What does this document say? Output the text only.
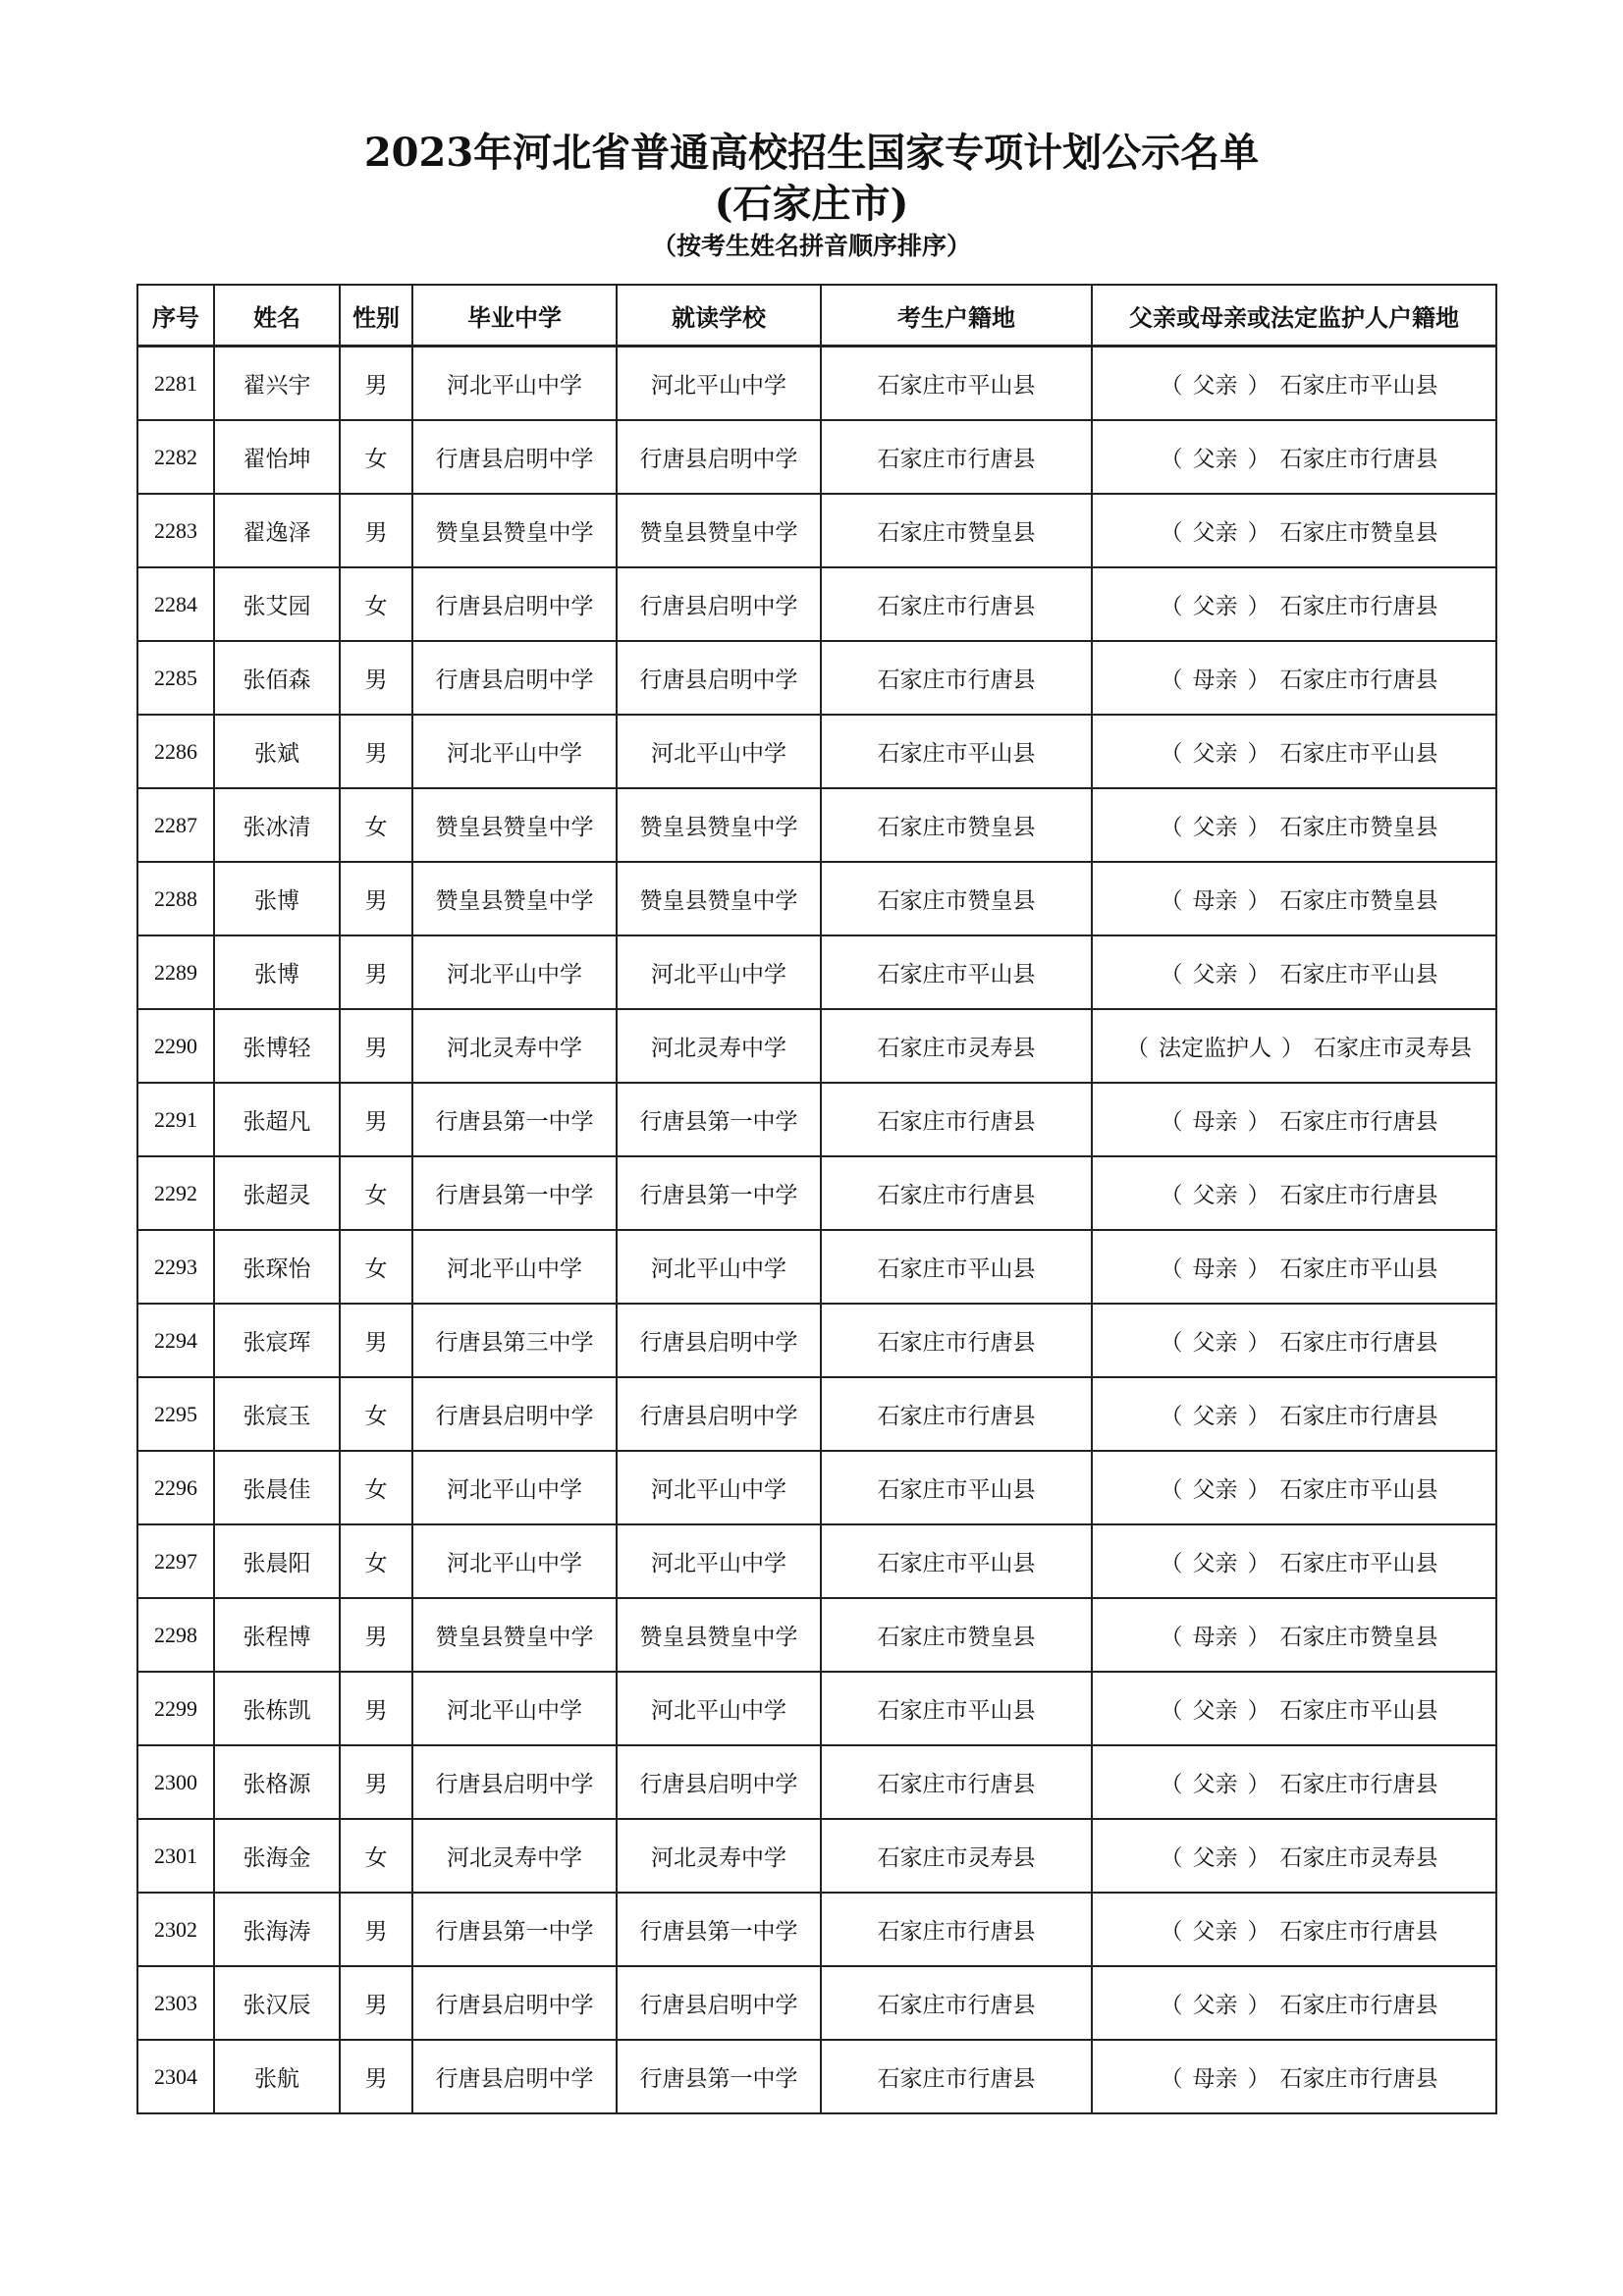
2023年河北省普通高校招生国家专项计划公示名单
(石家庄市)
（按考生姓名拼音顺序排序）
序号	姓名	性别	毕业中学	就读学校	考生户籍地	父亲或母亲或法定监护人户籍地
2281	翟兴宇	男	河北平山中学	河北平山中学	石家庄市平山县	（ 父亲 ） 石家庄市平山县
2282	翟怡坤	女	行唐县启明中学	行唐县启明中学	石家庄市行唐县	（ 父亲 ） 石家庄市行唐县
2283	翟逸泽	男	赞皇县赞皇中学	赞皇县赞皇中学	石家庄市赞皇县	（ 父亲 ） 石家庄市赞皇县
2284	张艾园	女	行唐县启明中学	行唐县启明中学	石家庄市行唐县	（ 父亲 ） 石家庄市行唐县
2285	张佰森	男	行唐县启明中学	行唐县启明中学	石家庄市行唐县	（ 母亲 ） 石家庄市行唐县
2286	张斌	男	河北平山中学	河北平山中学	石家庄市平山县	（ 父亲 ） 石家庄市平山县
2287	张冰清	女	赞皇县赞皇中学	赞皇县赞皇中学	石家庄市赞皇县	（ 父亲 ） 石家庄市赞皇县
2288	张博	男	赞皇县赞皇中学	赞皇县赞皇中学	石家庄市赞皇县	（ 母亲 ） 石家庄市赞皇县
2289	张博	男	河北平山中学	河北平山中学	石家庄市平山县	（ 父亲 ） 石家庄市平山县
2290	张博轻	男	河北灵寿中学	河北灵寿中学	石家庄市灵寿县	（ 法定监护人 ） 石家庄市灵寿县
2291	张超凡	男	行唐县第一中学	行唐县第一中学	石家庄市行唐县	（ 母亲 ） 石家庄市行唐县
2292	张超灵	女	行唐县第一中学	行唐县第一中学	石家庄市行唐县	（ 父亲 ） 石家庄市行唐县
2293	张琛怡	女	河北平山中学	河北平山中学	石家庄市平山县	（ 母亲 ） 石家庄市平山县
2294	张宸珲	男	行唐县第三中学	行唐县启明中学	石家庄市行唐县	（ 父亲 ） 石家庄市行唐县
2295	张宸玉	女	行唐县启明中学	行唐县启明中学	石家庄市行唐县	（ 父亲 ） 石家庄市行唐县
2296	张晨佳	女	河北平山中学	河北平山中学	石家庄市平山县	（ 父亲 ） 石家庄市平山县
2297	张晨阳	女	河北平山中学	河北平山中学	石家庄市平山县	（ 父亲 ） 石家庄市平山县
2298	张程博	男	赞皇县赞皇中学	赞皇县赞皇中学	石家庄市赞皇县	（ 母亲 ） 石家庄市赞皇县
2299	张栋凯	男	河北平山中学	河北平山中学	石家庄市平山县	（ 父亲 ） 石家庄市平山县
2300	张格源	男	行唐县启明中学	行唐县启明中学	石家庄市行唐县	（ 父亲 ） 石家庄市行唐县
2301	张海金	女	河北灵寿中学	河北灵寿中学	石家庄市灵寿县	（ 父亲 ） 石家庄市灵寿县
2302	张海涛	男	行唐县第一中学	行唐县第一中学	石家庄市行唐县	（ 父亲 ） 石家庄市行唐县
2303	张汉辰	男	行唐县启明中学	行唐县启明中学	石家庄市行唐县	（ 父亲 ） 石家庄市行唐县
2304	张航	男	行唐县启明中学	行唐县第一中学	石家庄市行唐县	（ 母亲 ） 石家庄市行唐县
